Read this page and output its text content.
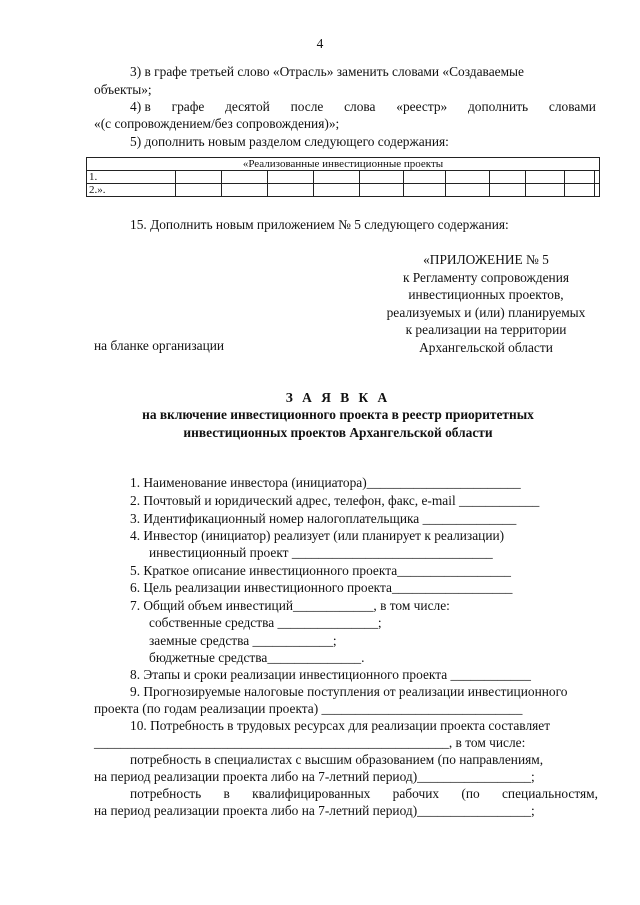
4
3) в графе третьей слово «Отрасль» заменить словами «Создаваемые
объекты»;
4) в графе десятой после слова «реестр» дополнить словами
«(с сопровождением/без сопровождения)»;
5) дополнить новым разделом следующего содержания:
«Реализованные инвестиционные проекты											
1.											
2.».											
15. Дополнить новым приложением № 5 следующего содержания:
«ПРИЛОЖЕНИЕ № 5
к Регламенту сопровождения
инвестиционных проектов,
реализуемых и (или) планируемых
к реализации на территории
Архангельской области
на бланке организации
З А Я В К А
на включение инвестиционного проекта в реестр приоритетных
инвестиционных проектов Архангельской области
1. Наименование инвестора (инициатора)_______________________
2. Почтовый и юридический адрес, телефон, факс, e-mail ____________
3. Идентификационный номер налогоплательщика ______________
4. Инвестор (инициатор) реализует (или планирует к реализации)
инвестиционный проект ______________________________
5. Краткое описание инвестиционного проекта_________________
6. Цель реализации инвестиционного проекта__________________
7. Общий объем инвестиций____________, в том числе:
собственные средства _______________;
заемные средства ____________;
бюджетные средства______________.
8. Этапы и сроки реализации инвестиционного проекта ____________
9. Прогнозируемые налоговые поступления от реализации инвестиционного
проекта (по годам реализации проекта) ______________________________
10. Потребность в трудовых ресурсах для реализации проекта составляет
_____________________________________________________, в том числе:
потребность в специалистах с высшим образованием (по направлениям,
на период реализации проекта либо на 7-летний период)_________________;
потребность в квалифицированных рабочих (по специальностям,
на период реализации проекта либо на 7-летний период)_________________;
